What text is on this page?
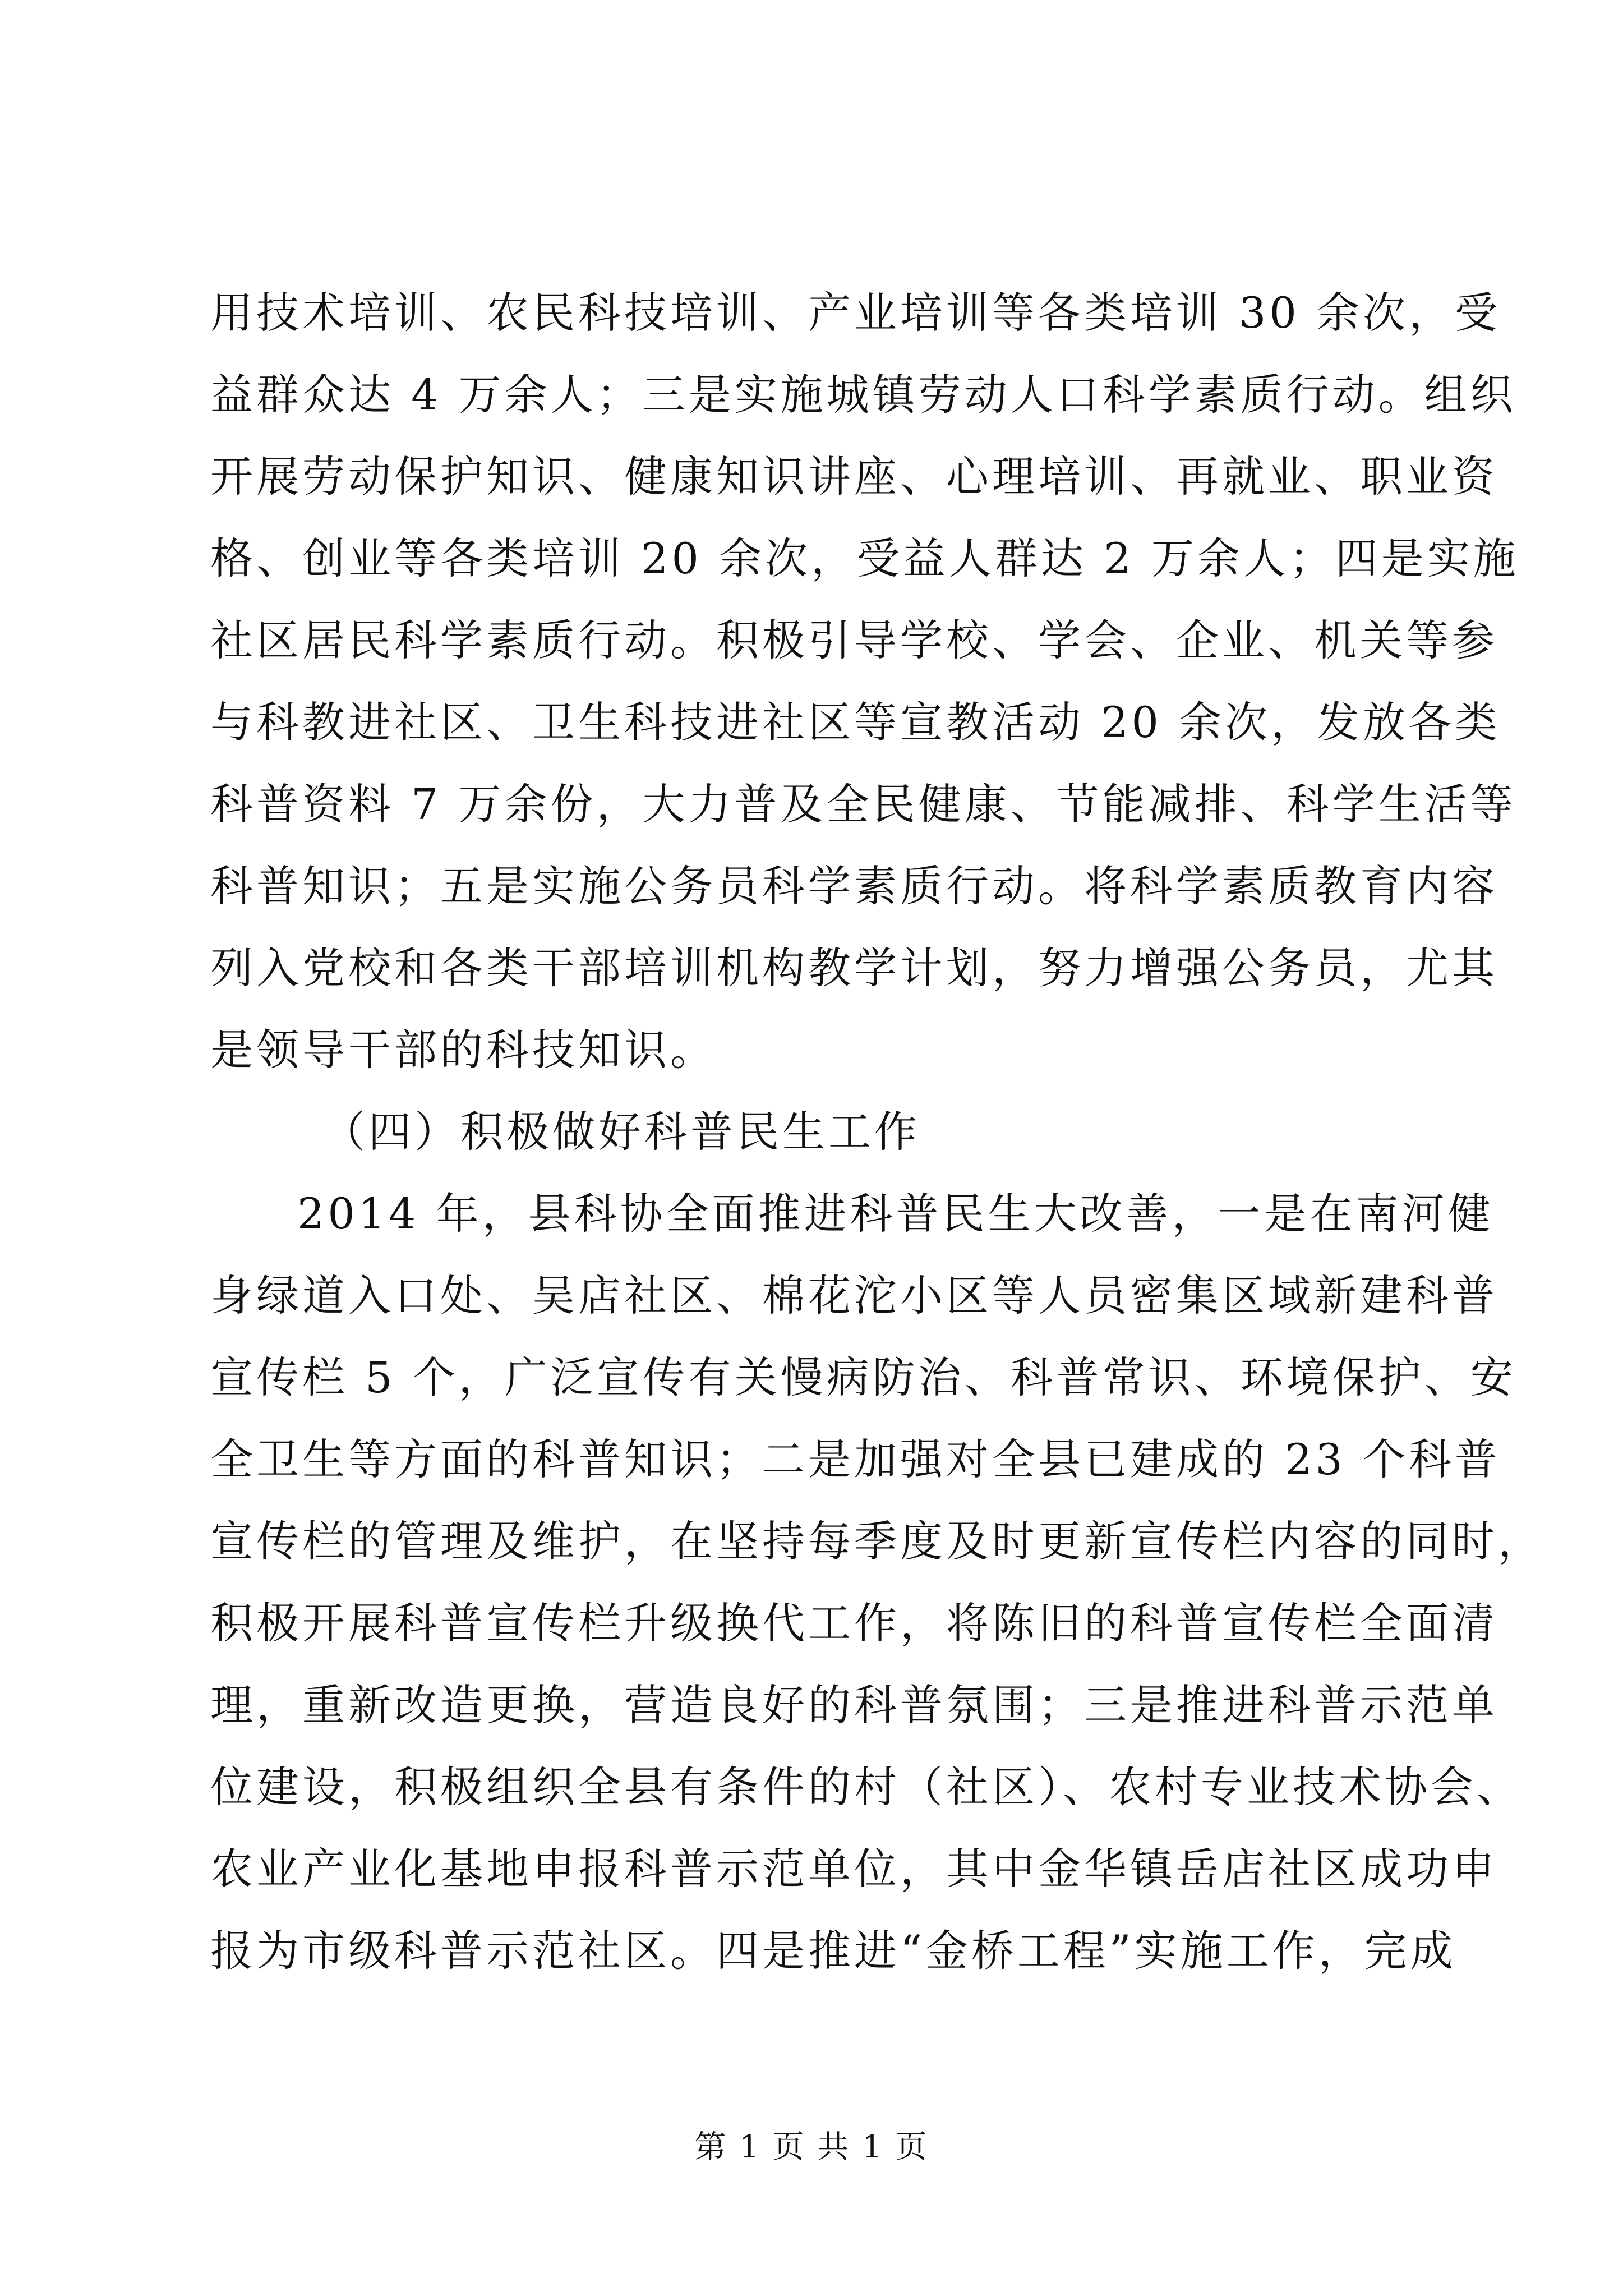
用技术培训、农民科技培训、产业培训等各类培训 30 余次，受
益群众达 4 万余人；三是实施城镇劳动人口科学素质行动。组织
开展劳动保护知识、健康知识讲座、心理培训、再就业、职业资
格、创业等各类培训 20 余次，受益人群达 2 万余人；四是实施
社区居民科学素质行动。积极引导学校、学会、企业、机关等参
与科教进社区、卫生科技进社区等宣教活动 20 余次，发放各类
科普资料 7 万余份，大力普及全民健康、节能减排、科学生活等
科普知识；五是实施公务员科学素质行动。将科学素质教育内容
列入党校和各类干部培训机构教学计划，努力增强公务员，尤其
是领导干部的科技知识。
（四）积极做好科普民生工作
2014 年，县科协全面推进科普民生大改善，一是在南河健
身绿道入口处、吴店社区、棉花沱小区等人员密集区域新建科普
宣传栏 5 个，广泛宣传有关慢病防治、科普常识、环境保护、安
全卫生等方面的科普知识；二是加强对全县已建成的 23 个科普
宣传栏的管理及维护，在坚持每季度及时更新宣传栏内容的同时，
积极开展科普宣传栏升级换代工作，将陈旧的科普宣传栏全面清
理，重新改造更换，营造良好的科普氛围；三是推进科普示范单
位建设，积极组织全县有条件的村（社区）、农村专业技术协会、
农业产业化基地申报科普示范单位，其中金华镇岳店社区成功申
报为市级科普示范社区。四是推进“金桥工程”实施工作，完成
第 1 页 共 1 页
